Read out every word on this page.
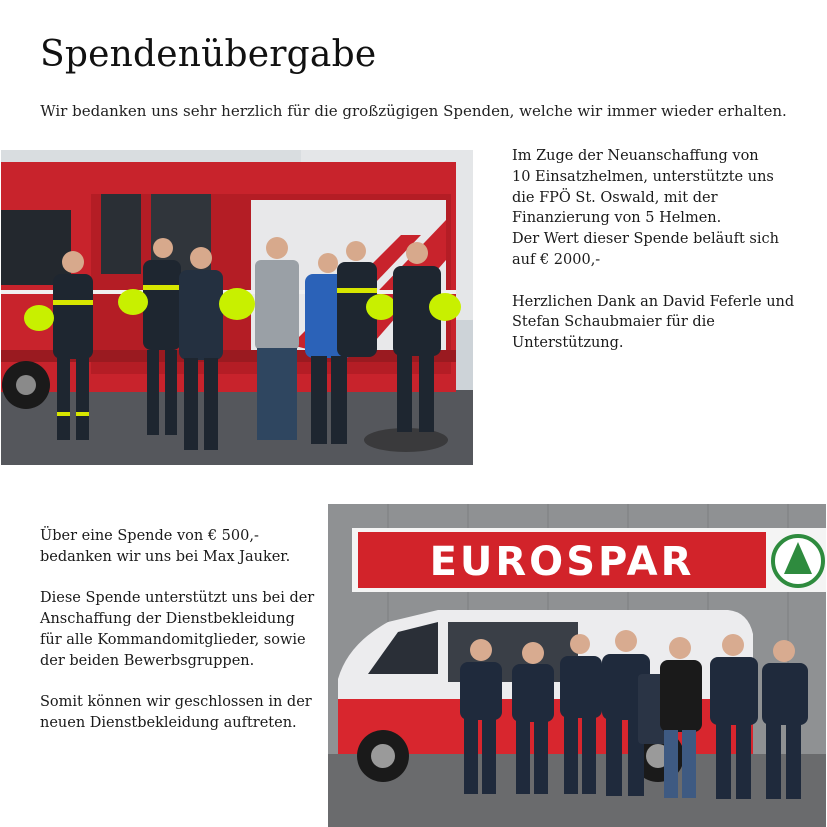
Spendenübergabe
Wir bedanken uns sehr herzlich für die großzügigen Spenden, welche wir immer wieder erhalten.
Im Zuge der Neuanschaffung von
10 Einsatzhelmen, unterstützte uns
die FPÖ St. Oswald, mit der
Finanzierung von 5 Helmen.
Der Wert dieser Spende beläuft sich
auf € 2000,-
Herzlichen Dank an David Feferle und
Stefan Schaubmaier für die
Unterstützung.
Über eine Spende von € 500,-
bedanken wir uns bei Max Jauker.
Diese Spende unterstützt uns bei der
Anschaffung der Dienstbekleidung
für alle Kommandomitglieder, sowie
der beiden Bewerbsgruppen.
Somit können wir geschlossen in der
neuen Dienstbekleidung auftreten.
EUROSPAR
